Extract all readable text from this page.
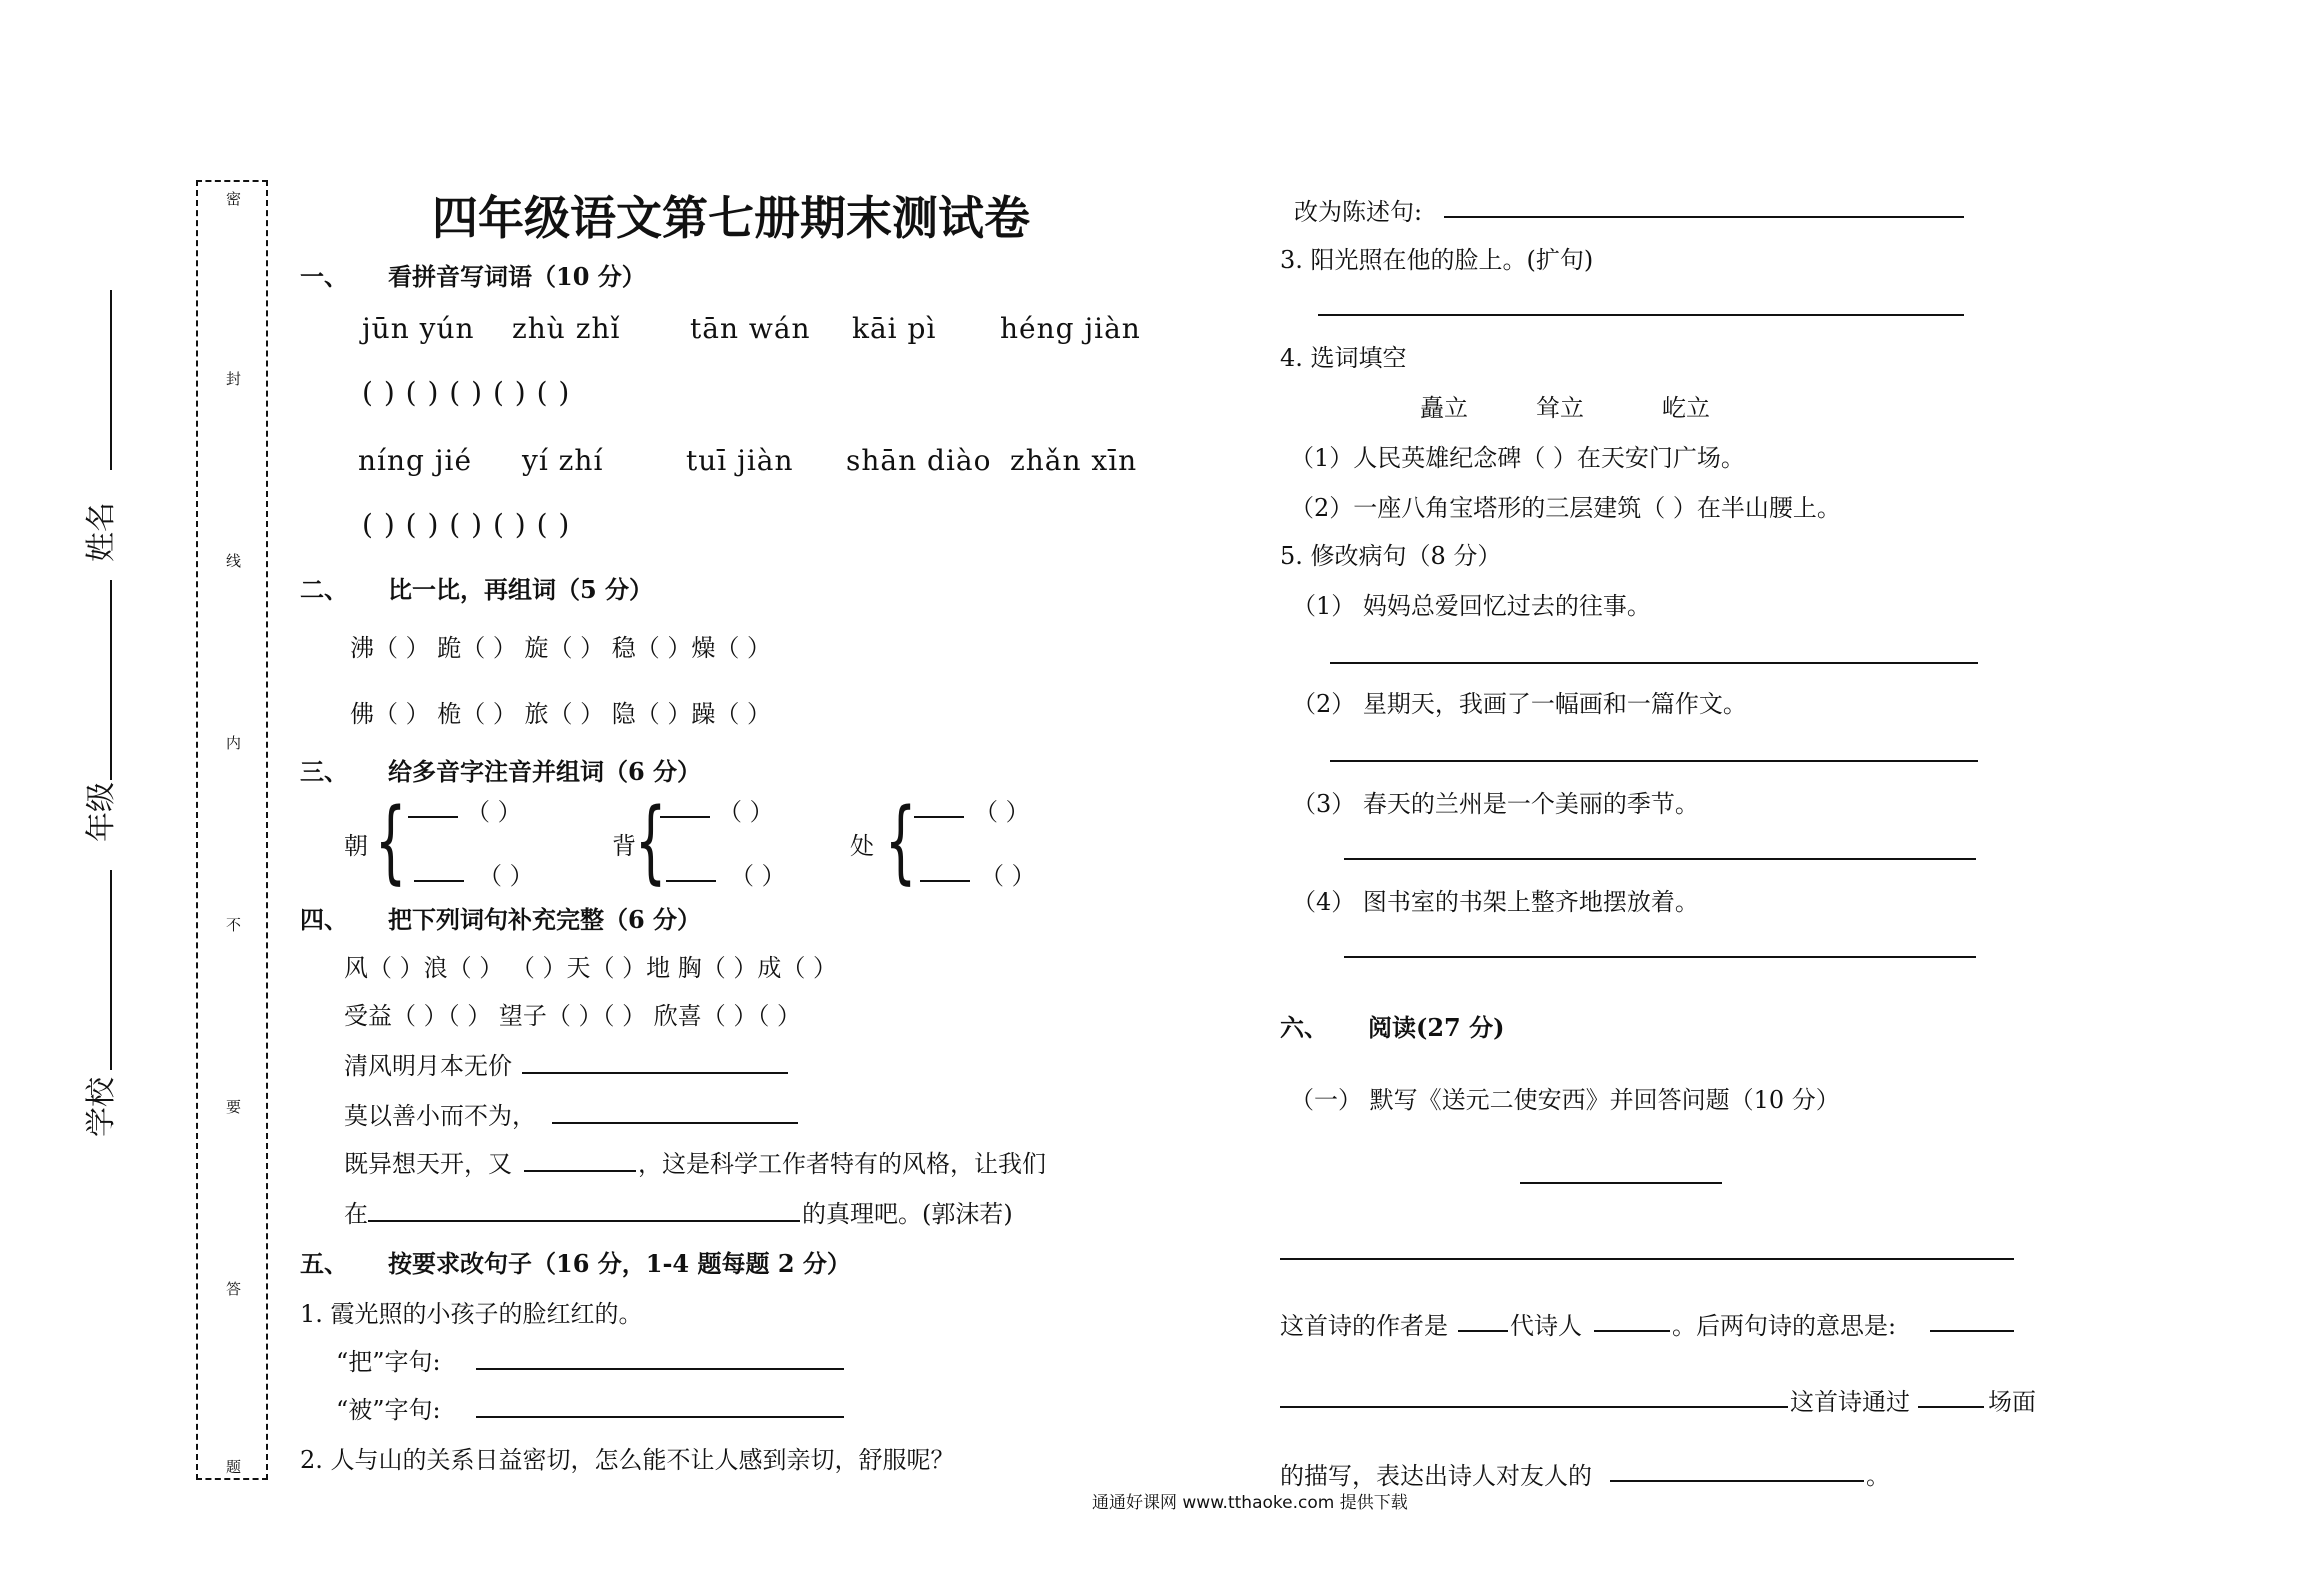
密
封
线
内
不
要
答
题
姓名
年级
学校
四年级语文第七册期末测试卷
一、 看拼音写词语（10 分）
jūn yún zhù zhǐ tān wán kāi pì héng jiàn
( ) ( ) ( ) ( ) ( )
níng jié yí zhí	tuī jiàn shān diào zhǎn xīn
( ) ( ) ( ) ( ) ( )
二、 比一比，再组词（5 分）
沸（ ） 跪（ ） 旋（ ） 稳（ ）燥（ ）
佛（ ） 桅（ ） 旅（ ） 隐（ ）躁（ ）
三、 给多音字注音并组词（6 分）
朝 { （ ）
（ ）
背
{ （ ）
（ ）
处 { （ ）
（ ）
四、 把下列词句补充完整（6 分）
风（ ）浪（ ） （ ）天（ ）地 胸（ ）成（ ）
受益（ ）（ ） 望子（ ）（ ） 欣喜（ ）（ ）
清风明月本无价
莫以善小而不为，
既异想天开，又	，这是科学工作者特有的风格，让我们
在	的真理吧。(郭沫若)
五、 按要求改句子（16 分，1-4 题每题 2 分）
1. 霞光照的小孩子的脸红红的。
“把”字句:
“被”字句:
2. 人与山的关系日益密切，怎么能不让人感到亲切，舒服呢？
改为陈述句:
3. 阳光照在他的脸上。(扩句)
4. 选词填空
矗立	耸立	屹立
（1）人民英雄纪念碑（ ）在天安门广场。
（2）一座八角宝塔形的三层建筑（ ）在半山腰上。
5. 修改病句（8 分）
（1） 妈妈总爱回忆过去的往事。
（2） 星期天，我画了一幅画和一篇作文。
（3） 春天的兰州是一个美丽的季节。
（4） 图书室的书架上整齐地摆放着。
六、 阅读(27 分)
（一） 默写《送元二使安西》并回答问题（10 分）
这首诗的作者是	代诗人	。后两句诗的意思是:
这首诗通过	场面
的描写，表达出诗人对友人的	。
通通好课网 www.tthaoke.com 提供下载
